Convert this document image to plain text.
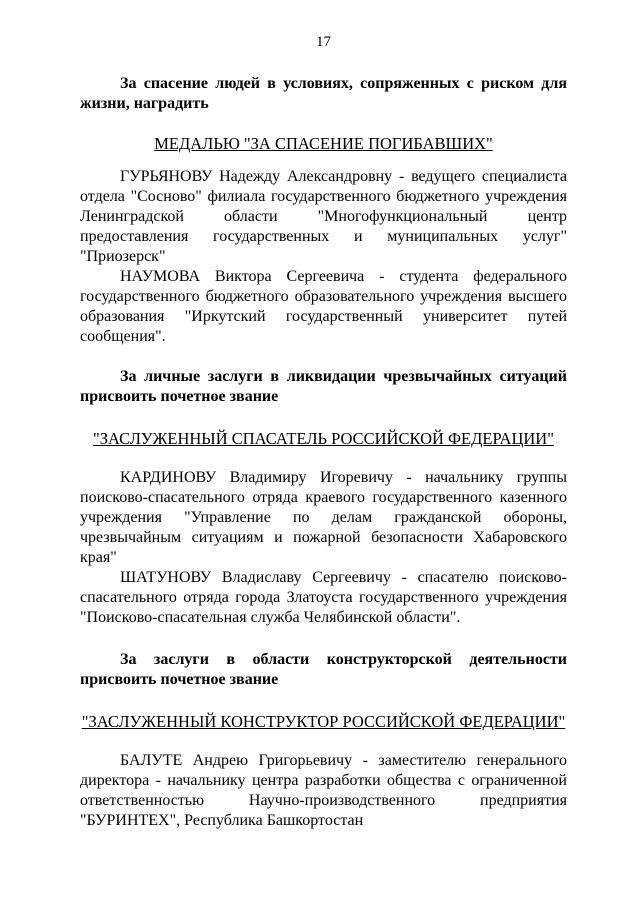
17

За спасение людей в условиях, сопряженных с риском для жизни, наградить

МЕДАЛЬЮ "ЗА СПАСЕНИЕ ПОГИБАВШИХ"

ГУРЬЯНОВУ Надежду Александровну - ведущего специалиста отдела "Сосново" филиала государственного бюджетного учреждения Ленинградской области "Многофункциональный центр предоставления государственных и муниципальных услуг" "Приозерск"

НАУМОВА Виктора Сергеевича - студента федерального государственного бюджетного образовательного учреждения высшего образования "Иркутский государственный университет путей сообщения".

За личные заслуги в ликвидации чрезвычайных ситуаций присвоить почетное звание

"ЗАСЛУЖЕННЫЙ СПАСАТЕЛЬ РОССИЙСКОЙ ФЕДЕРАЦИИ"

КАРДИНОВУ Владимиру Игоревичу - начальнику группы поисково-спасательного отряда краевого государственного казенного учреждения "Управление по делам гражданской обороны, чрезвычайным ситуациям и пожарной безопасности Хабаровского края"

ШАТУНОВУ Владиславу Сергеевичу - спасателю поисково-спасательного отряда города Златоуста государственного учреждения "Поисково-спасательная служба Челябинской области".

За заслуги в области конструкторской деятельности присвоить почетное звание

"ЗАСЛУЖЕННЫЙ КОНСТРУКТОР РОССИЙСКОЙ ФЕДЕРАЦИИ"

БАЛУТЕ Андрею Григорьевичу - заместителю генерального директора - начальнику центра разработки общества с ограниченной ответственностью Научно-производственного предприятия "БУРИНТЕХ", Республика Башкортостан
